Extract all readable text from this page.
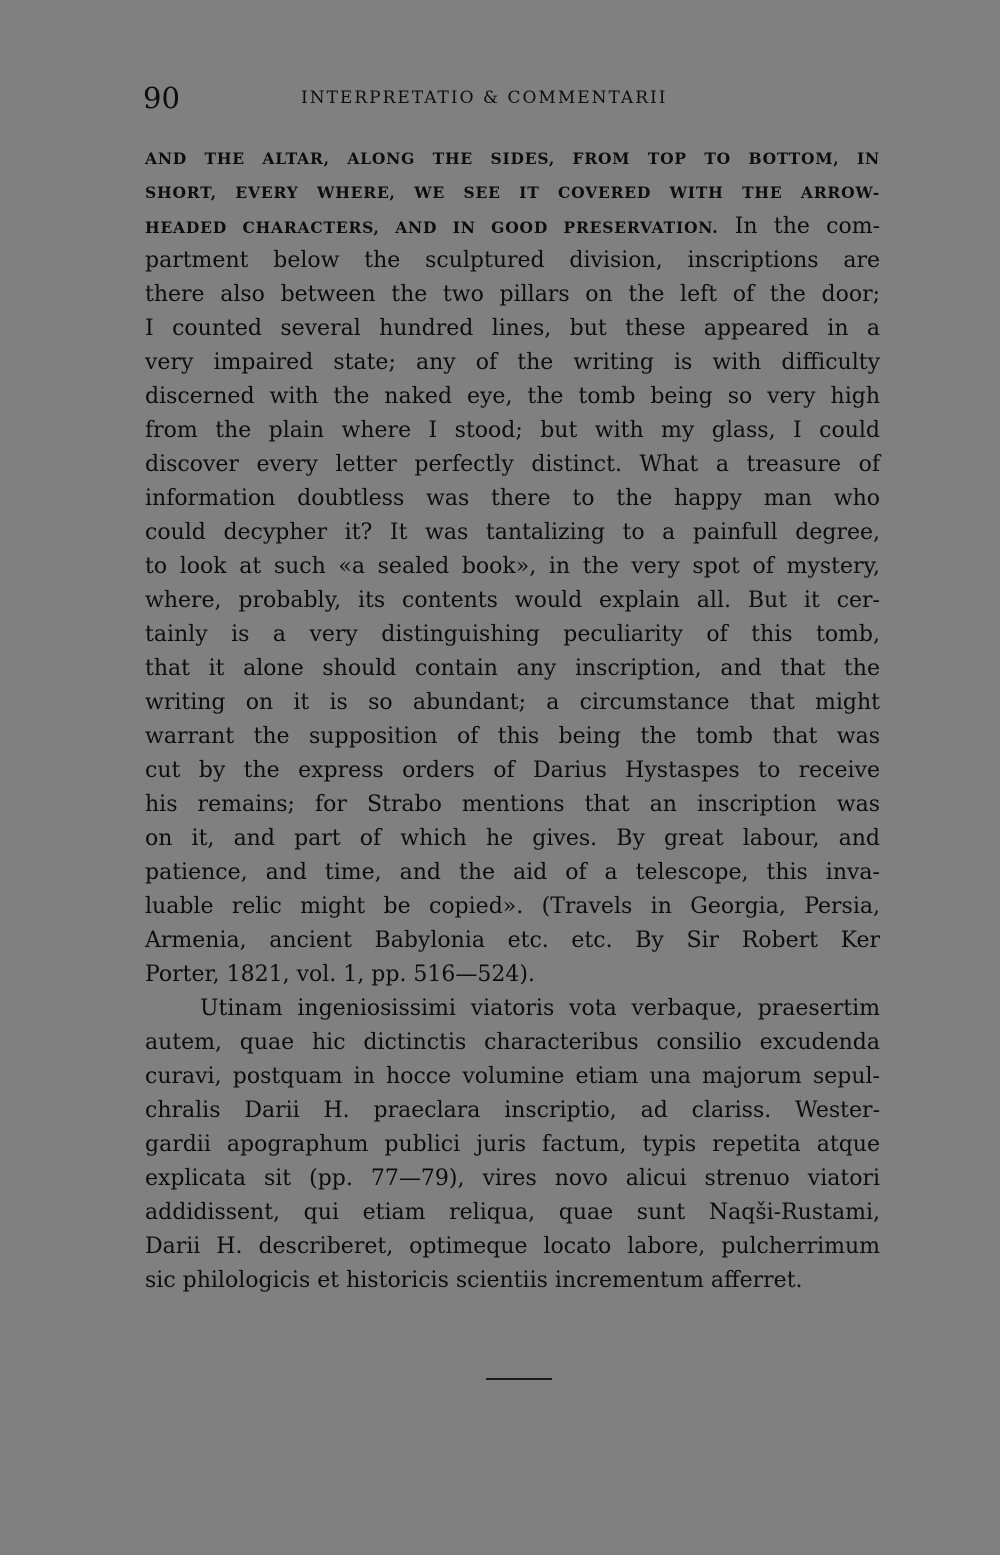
90	INTERPRETATIO & COMMENTARII
AND THE ALTAR, ALONG THE SIDES, FROM TOP TO BOTTOM, IN
SHORT, EVERY WHERE, WE SEE IT COVERED WITH THE ARROW-
HEADED CHARACTERS, AND IN GOOD PRESERVATION. In the com-
partment below the sculptured division, inscriptions are
there also between the two pillars on the left of the door;
I counted several hundred lines, but these appeared in a
very impaired state; any of the writing is with difficulty
discerned with the naked eye, the tomb being so very high
from the plain where I stood; but with my glass, I could
discover every letter perfectly distinct. What a treasure of
information doubtless was there to the happy man who
could decypher it? It was tantalizing to a painfull degree,
to look at such «a sealed book», in the very spot of mystery,
where, probably, its contents would explain all. But it cer-
tainly is a very distinguishing peculiarity of this tomb,
that it alone should contain any inscription, and that the
writing on it is so abundant; a circumstance that might
warrant the supposition of this being the tomb that was
cut by the express orders of Darius Hystaspes to receive
his remains; for Strabo mentions that an inscription was
on it, and part of which he gives. By great labour, and
patience, and time, and the aid of a telescope, this inva-
luable relic might be copied». (Travels in Georgia, Persia,
Armenia, ancient Babylonia etc. etc. By Sir Robert Ker
Porter, 1821, vol. 1, pp. 516—524).
Utinam ingeniosissimi viatoris vota verbaque, praesertim
autem, quae hic dictinctis characteribus consilio excudenda
curavi, postquam in hocce volumine etiam una majorum sepul-
chralis Darii H. praeclara inscriptio, ad clariss. Wester-
gardii apographum publici juris factum, typis repetita atque
explicata sit (pp. 77—79), vires novo alicui strenuo viatori
addidissent, qui etiam reliqua, quae sunt Naqši-Rustami,
Darii H. describeret, optimeque locato labore, pulcherrimum
sic philologicis et historicis scientiis incrementum afferret.
